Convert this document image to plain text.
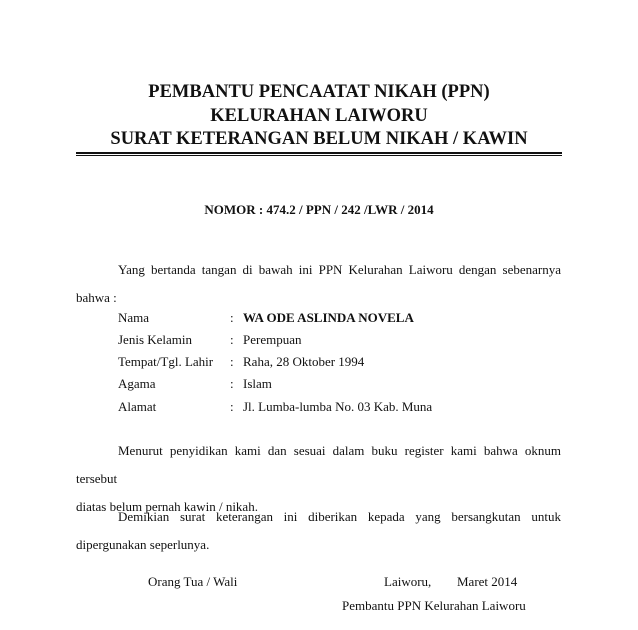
PEMBANTU PENCAATAT NIKAH (PPN)
KELURAHAN LAIWORU
SURAT KETERANGAN BELUM NIKAH / KAWIN
NOMOR : 474.2 / PPN / 242 /LWR / 2014
Yang bertanda tangan di bawah ini PPN Kelurahan Laiworu dengan sebenarnya
bahwa :
Nama	: WA ODE ASLINDA NOVELA
Jenis Kelamin	: Perempuan
Tempat/Tgl. Lahir : Raha, 28 Oktober 1994
Agama	: Islam
Alamat	: Jl. Lumba-lumba No. 03 Kab. Muna
Menurut penyidikan kami dan sesuai dalam buku register kami bahwa oknum tersebut
diatas belum pernah kawin / nikah.
Demikian surat keterangan ini diberikan kepada yang bersangkutan untuk
dipergunakan seperlunya.
Orang Tua / Wali	Laiworu, Maret 2014
Pembantu PPN Kelurahan Laiworu
